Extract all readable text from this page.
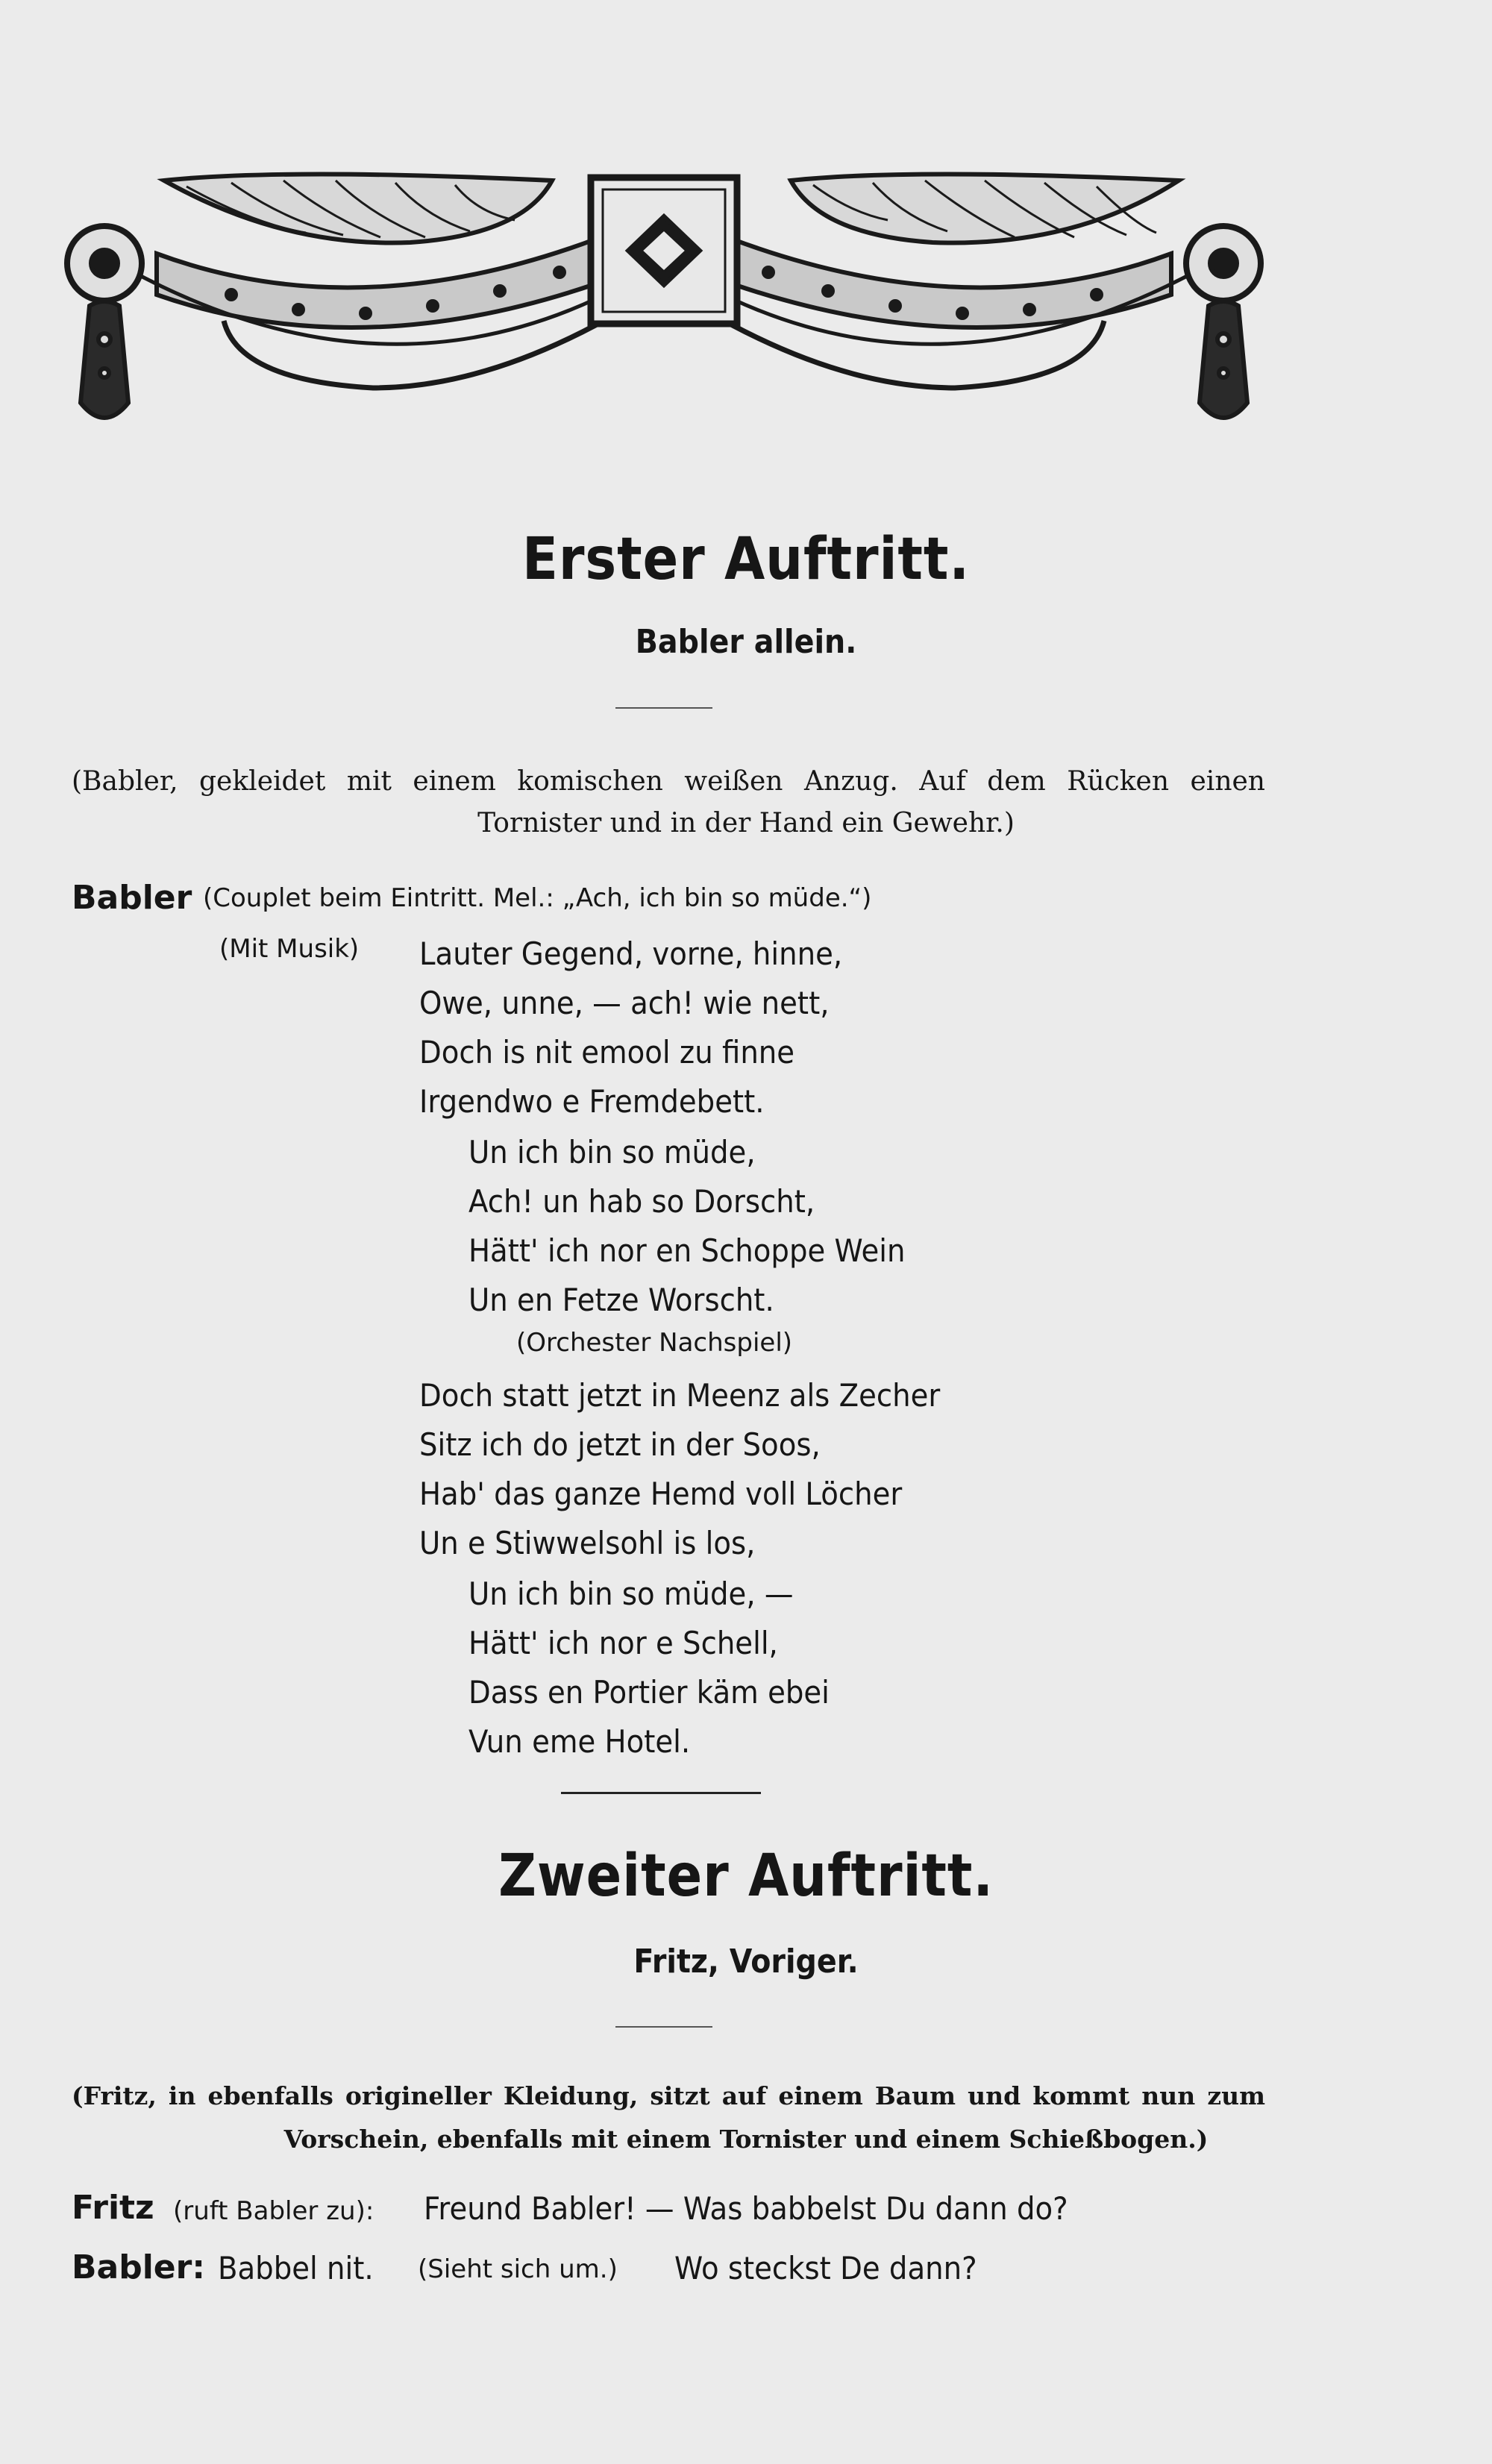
Erster Auftritt.
Babler allein.
(Babler, gekleidet mit einem komischen weißen Anzug. Auf dem Rücken einen
Tornister und in der Hand ein Gewehr.)
Babler (Couplet beim Eintritt. Mel.: „Ach, ich bin so müde.“)
(Mit Musik) Lauter Gegend, vorne, hinne,
Owe, unne, — ach! wie nett,
Doch is nit emool zu finne
Irgendwo e Fremdebett.
Un ich bin so müde,
Ach! un hab so Dorscht,
Hätt' ich nor en Schoppe Wein
Un en Fetze Worscht.
(Orchester Nachspiel)
Doch statt jetzt in Meenz als Zecher
Sitz ich do jetzt in der Soos,
Hab' das ganze Hemd voll Löcher
Un e Stiwwelsohl is los,
Un ich bin so müde, —
Hätt' ich nor e Schell,
Dass en Portier käm ebei
Vun eme Hotel.
Zweiter Auftritt.
Fritz, Voriger.
(Fritz, in ebenfalls origineller Kleidung, sitzt auf einem Baum und kommt nun zum
Vorschein, ebenfalls mit einem Tornister und einem Schießbogen.)
Fritz (ruft Babler zu): Freund Babler! — Was babbelst Du dann do?
Babler: Babbel nit. (Sieht sich um.) Wo steckst De dann?
